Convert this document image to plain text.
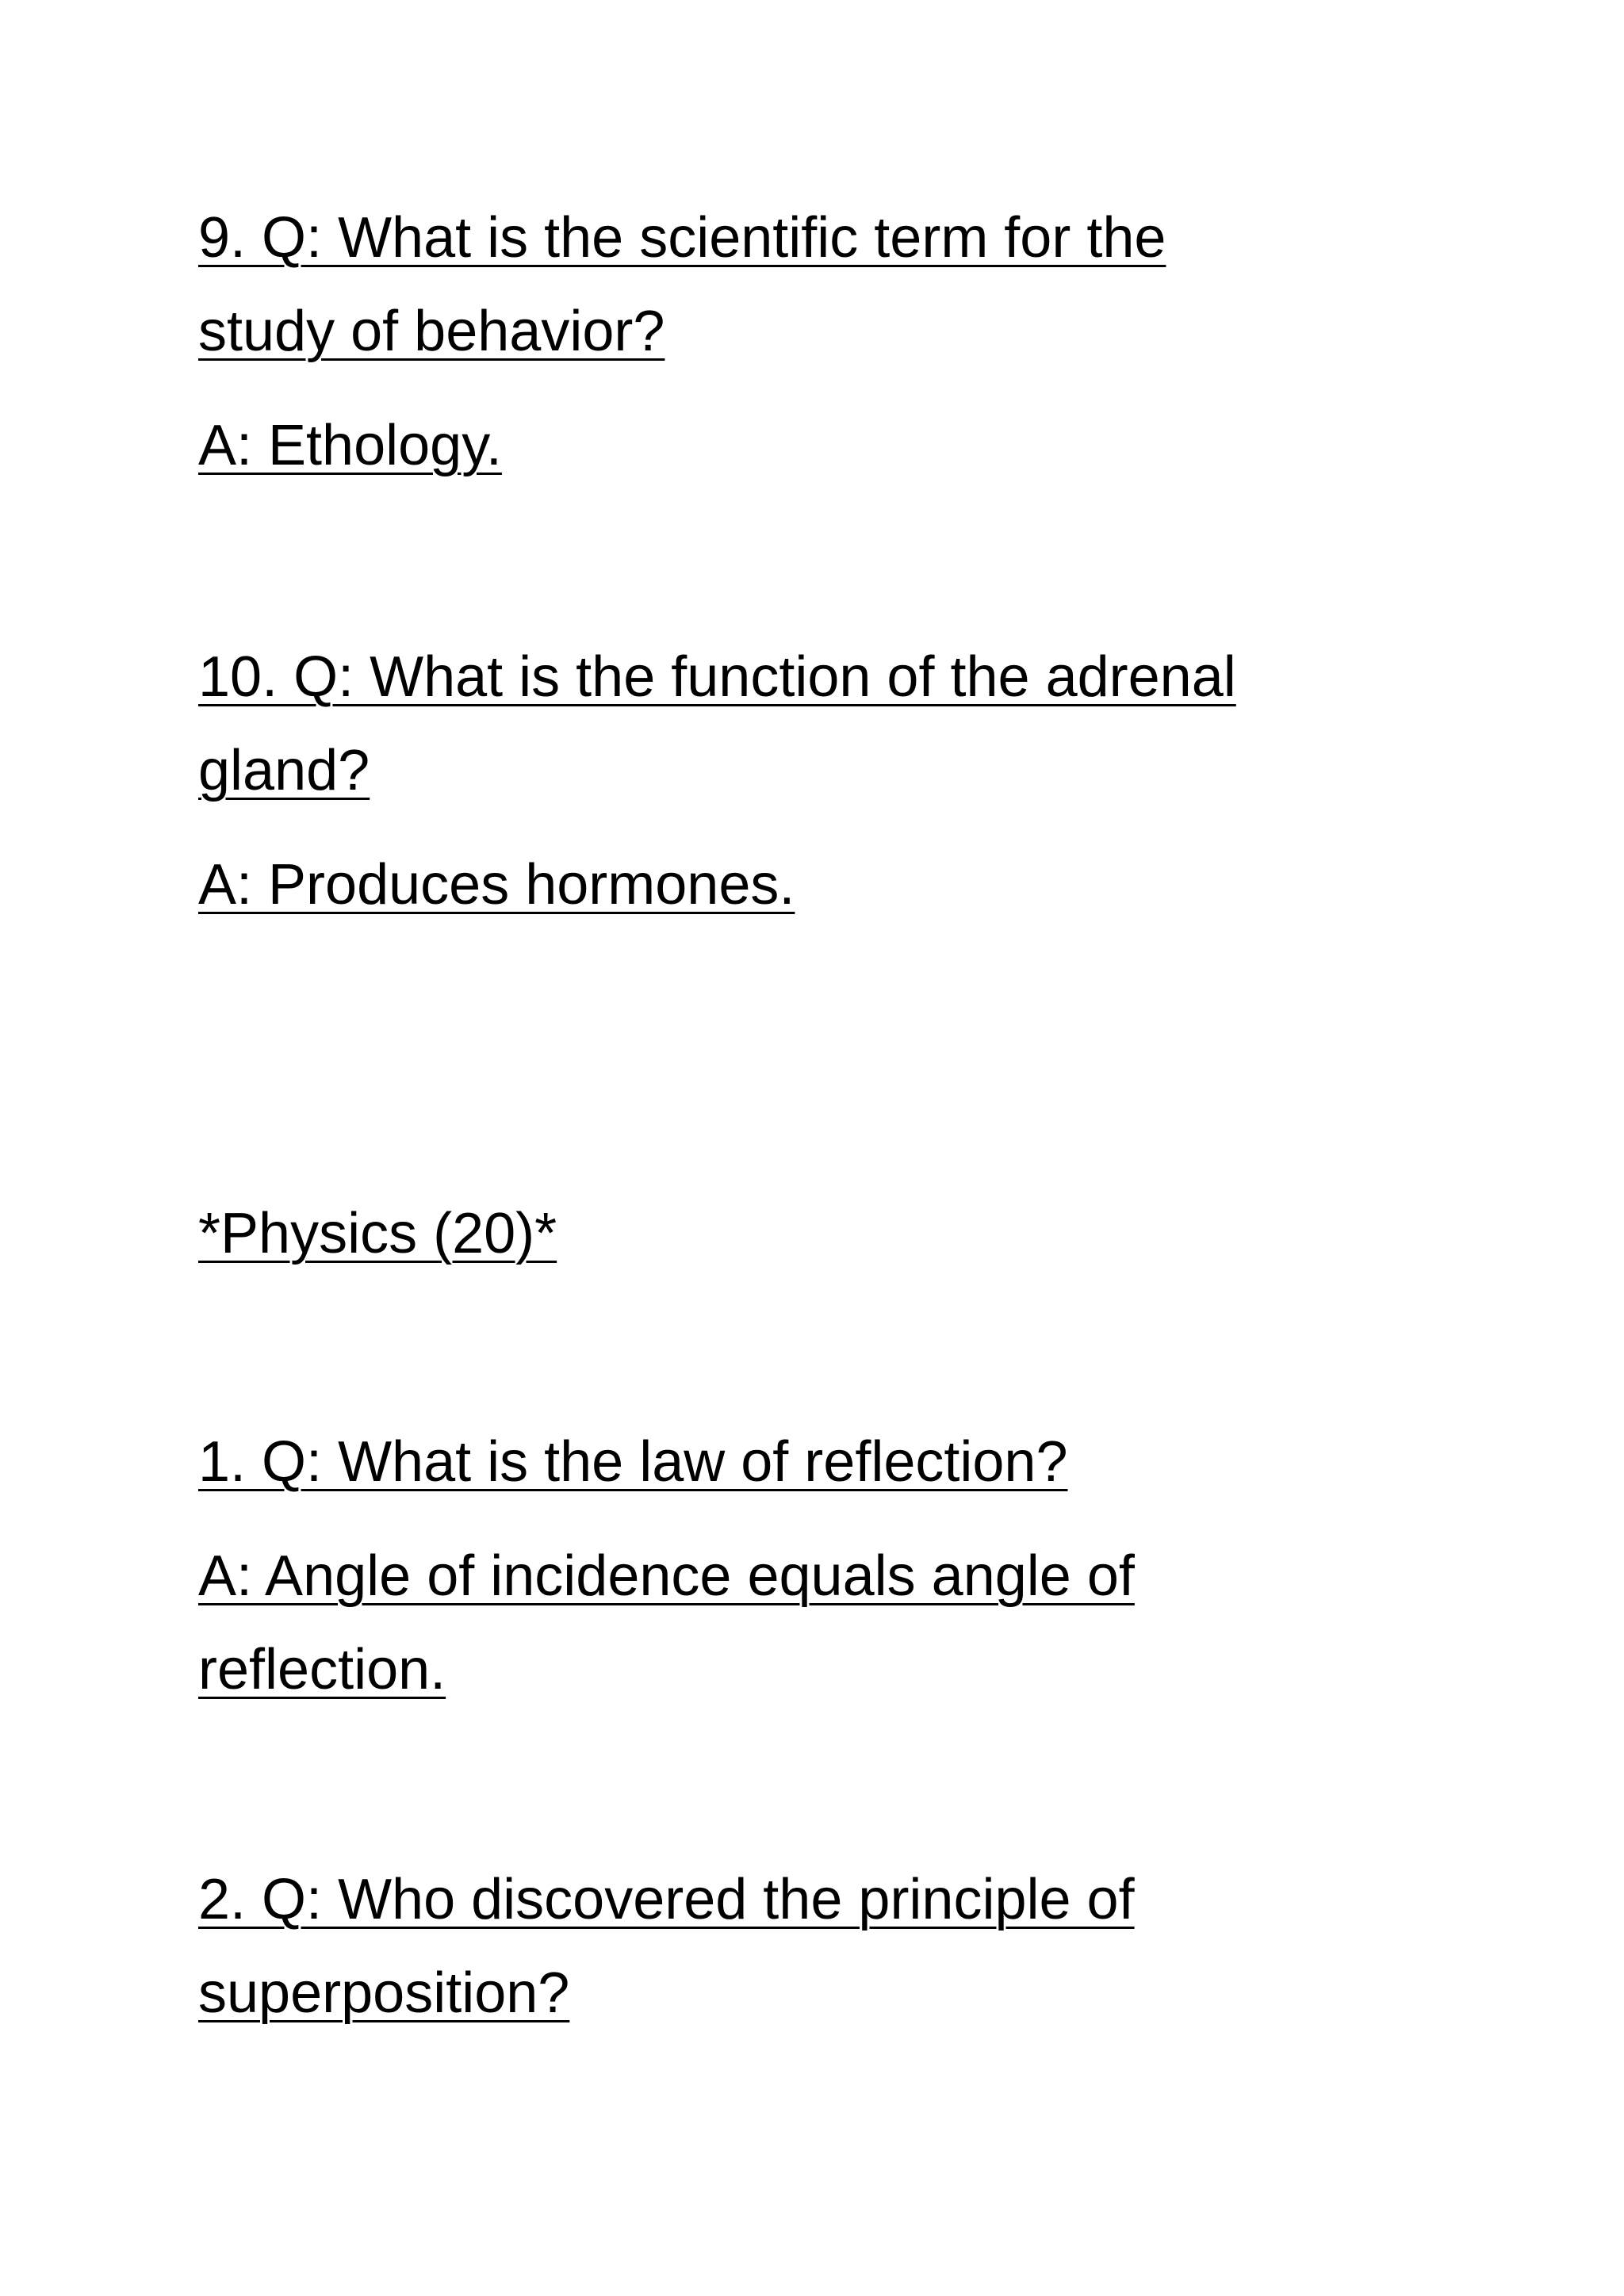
9. Q: What is the scientific term for the
study of behavior?
A: Ethology.
10. Q: What is the function of the adrenal
gland?
A: Produces hormones.
*Physics (20)*
1. Q: What is the law of reflection?
A: Angle of incidence equals angle of
reflection.
2. Q: Who discovered the principle of
superposition?
